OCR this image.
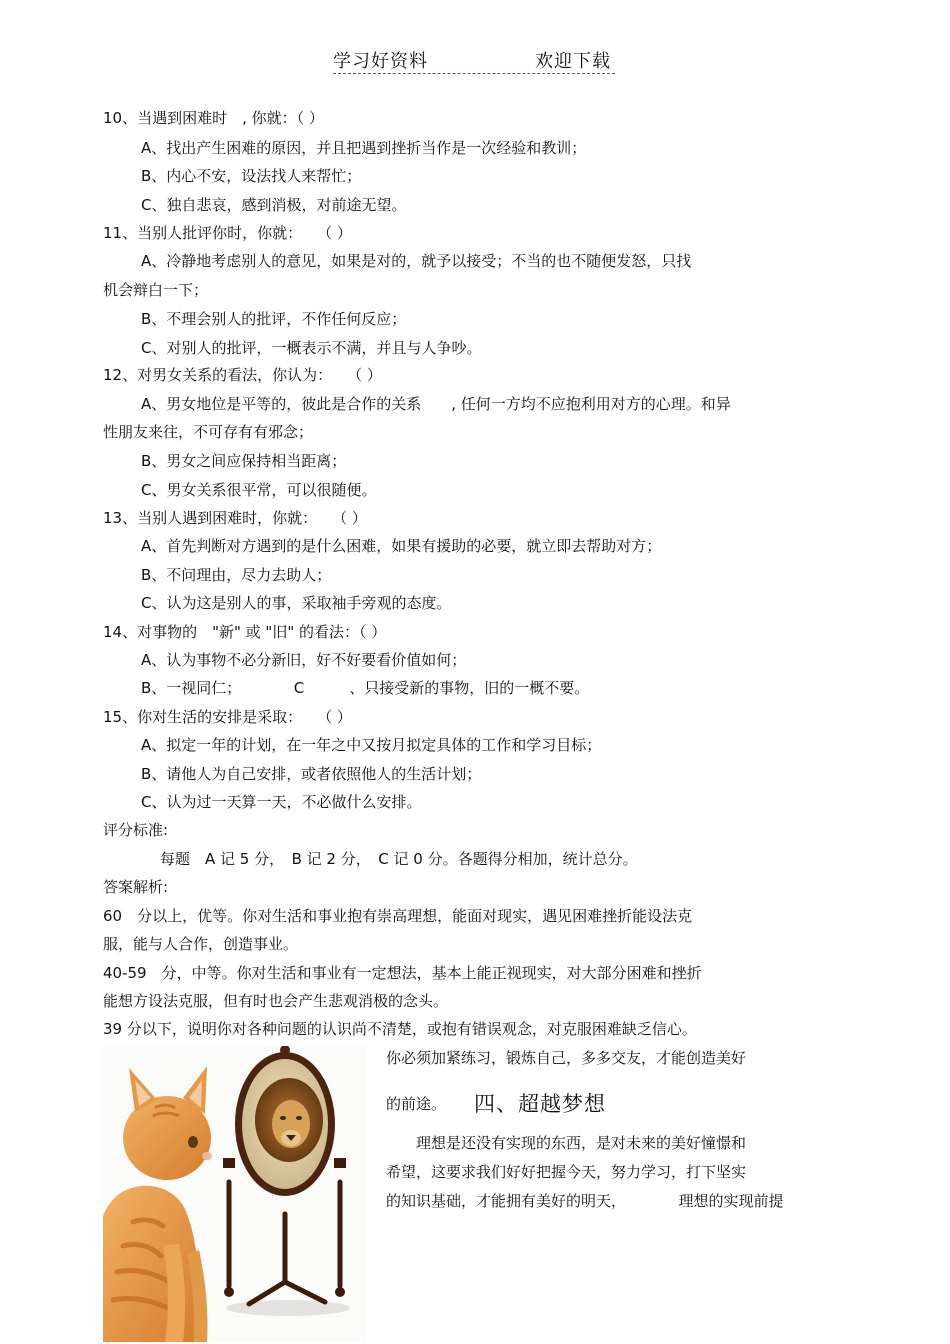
学习好资料	欢迎下载
10、当遇到困难时　, 你就：（ ）
A、找出产生困难的原因，并且把遇到挫折当作是一次经验和教训；
B、内心不安，设法找人来帮忙；
C、独自悲哀，感到消极，对前途无望。
11、当别人批评你时，你就：　　（ ）
A、冷静地考虑别人的意见，如果是对的，就予以接受；不当的也不随便发怒，只找
机会辩白一下；
B、不理会别人的批评，不作任何反应；
C、对别人的批评，一概表示不满，并且与人争吵。
12、对男女关系的看法，你认为：　　（ ）
A、男女地位是平等的，彼此是合作的关系　　, 任何一方均不应抱利用对方的心理。和异
性朋友来往，不可存有有邪念；
B、男女之间应保持相当距离；
C、男女关系很平常，可以很随便。
13、当别人遇到困难时，你就：　　（ ）
A、首先判断对方遇到的是什么困难，如果有援助的必要，就立即去帮助对方；
B、不问理由，尽力去助人；
C、认为这是别人的事，采取袖手旁观的态度。
14、对事物的　"新" 或 "旧" 的看法：（ ）
A、认为事物不必分新旧，好不好要看价值如何；
B、一视同仁；　　　　C　　　、只接受新的事物，旧的一概不要。
15、你对生活的安排是采取：　　（ ）
A、拟定一年的计划，在一年之中又按月拟定具体的工作和学习目标；
B、请他人为自己安排，或者依照他人的生活计划；
C、认为过一天算一天，不必做什么安排。
评分标准:
每题　A 记 5 分，　B 记 2 分，　C 记 0 分。各题得分相加，统计总分。
答案解析:
60　分以上，优等。你对生活和事业抱有崇高理想，能面对现实，遇见困难挫折能设法克
服，能与人合作，创造事业。
40-59　分，中等。你对生活和事业有一定想法，基本上能正视现实，对大部分困难和挫折
能想方设法克服，但有时也会产生悲观消极的念头。
39 分以下，说明你对各种问题的认识尚不清楚，或抱有错误观念，对克服困难缺乏信心。
你必须加紧练习，锻炼自己，多多交友，才能创造美好
的前途。 四、超越梦想
　　理想是还没有实现的东西，是对未来的美好憧憬和
希望，这要求我们好好把握今天，努力学习，打下坚实
的知识基础，才能拥有美好的明天，　　　　理想的实现前提
